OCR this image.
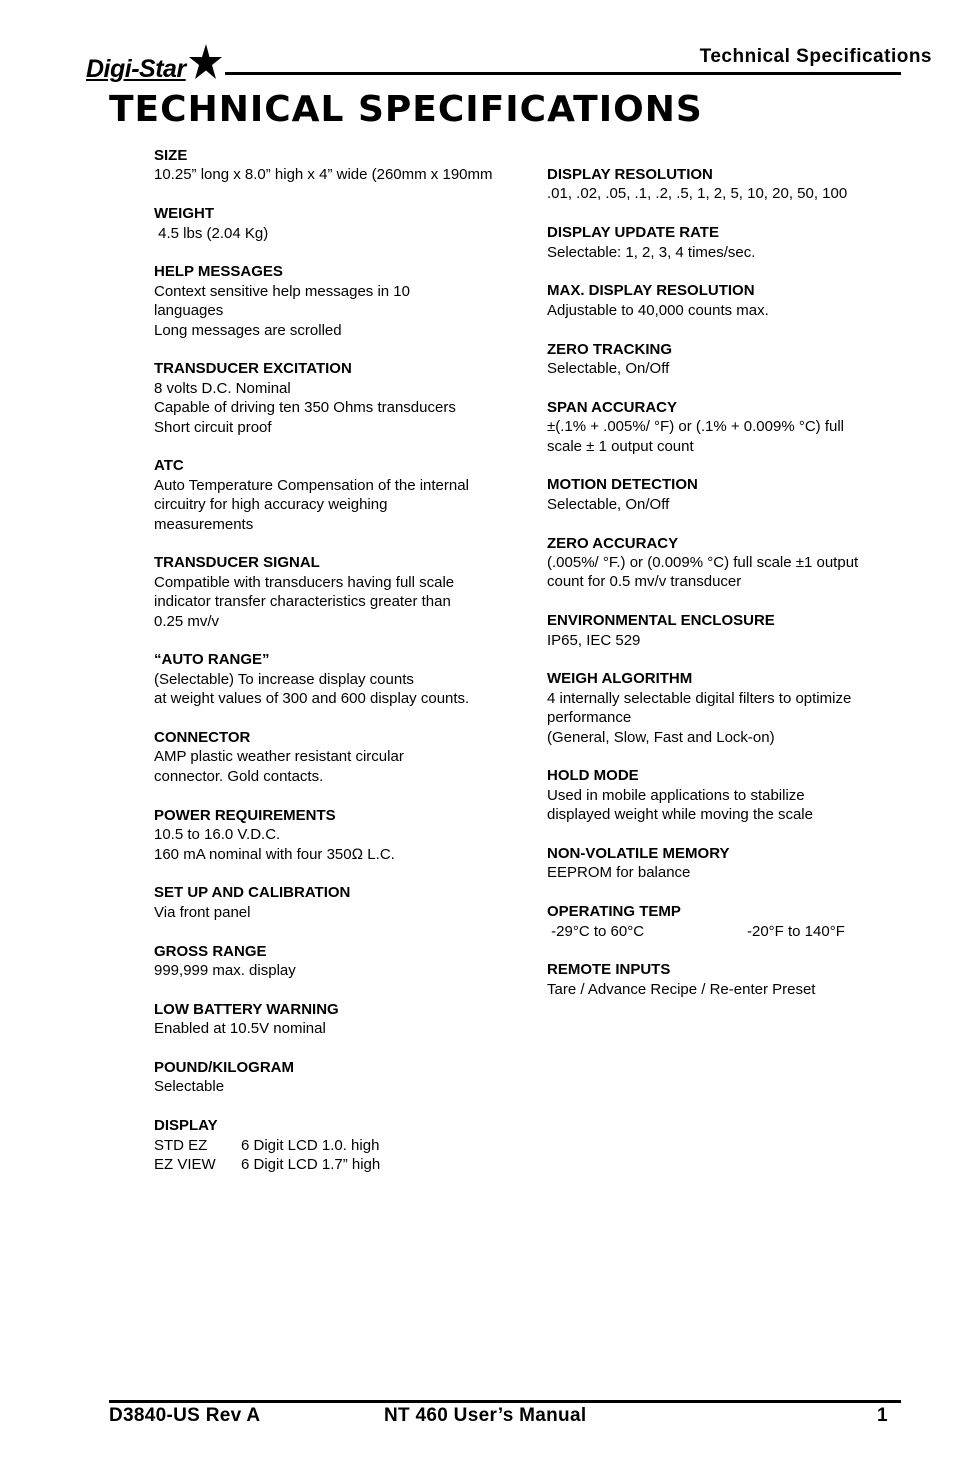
Digi-Star	Technical Specifications
TECHNICAL SPECIFICATIONS
SIZE
10.25” long x 8.0” high x 4” wide (260mm x 190mm
WEIGHT
4.5 lbs (2.04 Kg)
HELP MESSAGES
Context sensitive help messages in 10
languages
Long messages are scrolled
TRANSDUCER EXCITATION
8 volts D.C. Nominal
Capable of driving ten 350 Ohms transducers
Short circuit proof
ATC
Auto Temperature Compensation of the internal
circuitry for high accuracy weighing
measurements
TRANSDUCER SIGNAL
Compatible with transducers having full scale
indicator transfer characteristics greater than
0.25 mv/v
“AUTO RANGE”
(Selectable) To increase display counts
at weight values of 300 and 600 display counts.
CONNECTOR
AMP plastic weather resistant circular
connector. Gold contacts.
POWER REQUIREMENTS
10.5 to 16.0 V.D.C.
160 mA nominal with four 350Ω L.C.
SET UP AND CALIBRATION
Via front panel
GROSS RANGE
999,999 max. display
LOW BATTERY WARNING
Enabled at 10.5V nominal
POUND/KILOGRAM
Selectable
DISPLAY
STD EZ	6 Digit LCD 1.0. high
EZ VIEW	6 Digit LCD 1.7” high
DISPLAY RESOLUTION
.01, .02, .05, .1, .2, .5, 1, 2, 5, 10, 20, 50, 100
DISPLAY UPDATE RATE
Selectable: 1, 2, 3, 4 times/sec.
MAX. DISPLAY RESOLUTION
Adjustable to 40,000 counts max.
ZERO TRACKING
Selectable, On/Off
SPAN ACCURACY
±(.1% + .005%/ °F) or (.1% + 0.009% °C) full
scale ± 1 output count
MOTION DETECTION
Selectable, On/Off
ZERO ACCURACY
(.005%/ °F.) or (0.009% °C) full scale ±1 output
count for 0.5 mv/v transducer
ENVIRONMENTAL ENCLOSURE
IP65, IEC 529
WEIGH ALGORITHM
4 internally selectable digital filters to optimize
performance
(General, Slow, Fast and Lock-on)
HOLD MODE
Used in mobile applications to stabilize
displayed weight while moving the scale
NON-VOLATILE MEMORY
EEPROM for balance
OPERATING TEMP
-29°C to 60°C	-20°F to 140°F
REMOTE INPUTS
Tare / Advance Recipe / Re-enter Preset
D3840-US Rev A	NT 460 User’s Manual	1
